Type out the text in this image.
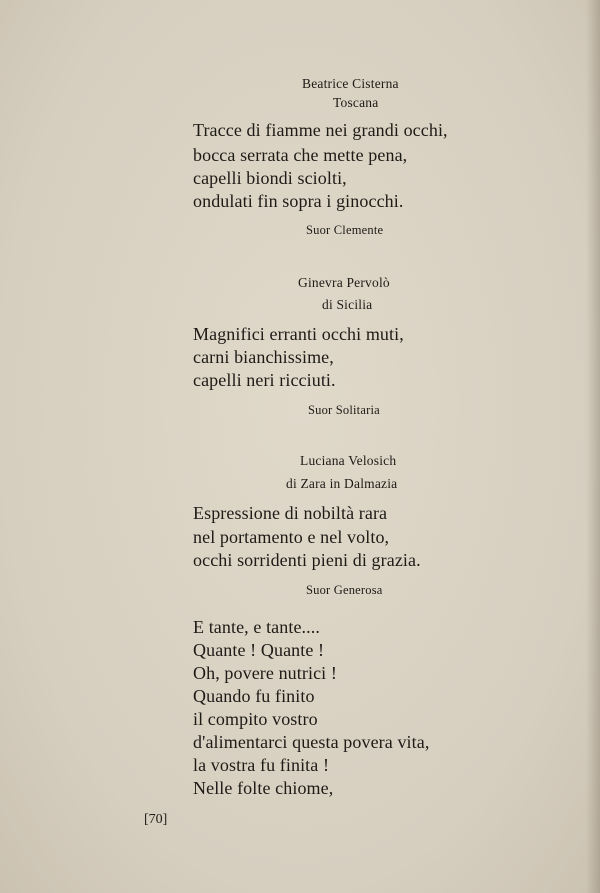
Beatrice Cisterna
Toscana
Tracce di fiamme nei grandi occhi,
bocca serrata che mette pena,
capelli biondi sciolti,
ondulati fin sopra i ginocchi.
Suor Clemente
Ginevra Pervolò
di Sicilia
Magnifici erranti occhi muti,
carni bianchissime,
capelli neri ricciuti.
Suor Solitaria
Luciana Velosich
di Zara in Dalmazia
Espressione di nobiltà rara
nel portamento e nel volto,
occhi sorridenti pieni di grazia.
Suor Generosa
E tante, e tante....
Quante ! Quante !
Oh, povere nutrici !
Quando fu finito
il compito vostro
d'alimentarci questa povera vita,
la vostra fu finita !
Nelle folte chiome,
[70]
